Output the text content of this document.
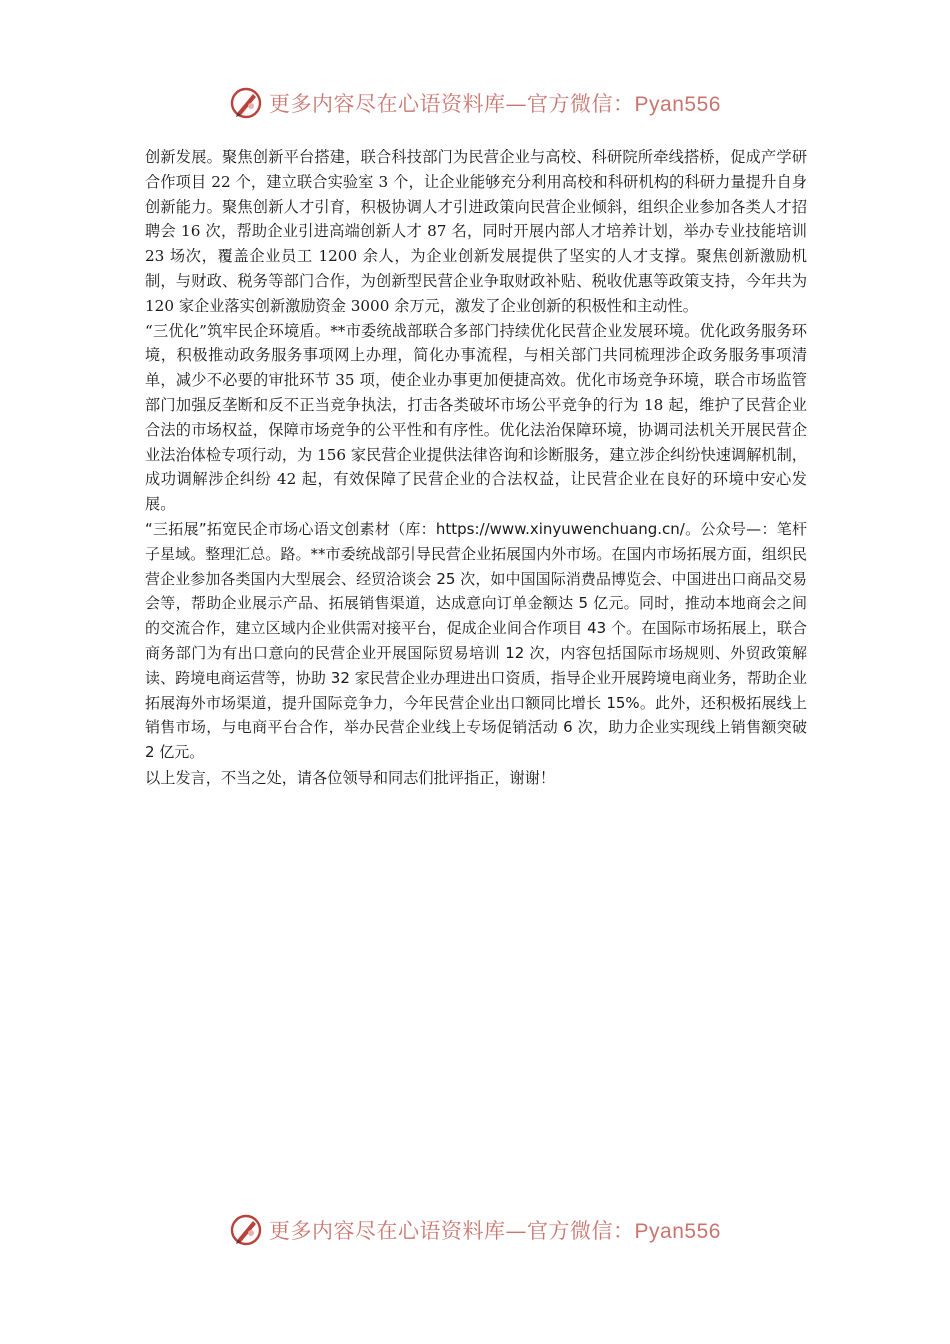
更多内容尽在心语资料库—官方微信：Pyan556

创新发展。聚焦创新平台搭建，联合科技部门为民营企业与高校、科研院所牵线搭桥，促成产学研合作项目 22 个，建立联合实验室 3 个，让企业能够充分利用高校和科研机构的科研力量提升自身创新能力。聚焦创新人才引育，积极协调人才引进政策向民营企业倾斜，组织企业参加各类人才招聘会 16 次，帮助企业引进高端创新人才 87 名，同时开展内部人才培养计划，举办专业技能培训 23 场次，覆盖企业员工 1200 余人，为企业创新发展提供了坚实的人才支撑。聚焦创新激励机制，与财政、税务等部门合作，为创新型民营企业争取财政补贴、税收优惠等政策支持，今年共为 120 家企业落实创新激励资金 3000 余万元，激发了企业创新的积极性和主动性。

“三优化”筑牢民企环境盾。**市委统战部联合多部门持续优化民营企业发展环境。优化政务服务环境，积极推动政务服务事项网上办理，简化办事流程，与相关部门共同梳理涉企政务服务事项清单，减少不必要的审批环节 35 项，使企业办事更加便捷高效。优化市场竞争环境，联合市场监管部门加强反垄断和反不正当竞争执法，打击各类破坏市场公平竞争的行为 18 起，维护了民营企业合法的市场权益，保障市场竞争的公平性和有序性。优化法治保障环境，协调司法机关开展民营企业法治体检专项行动，为 156 家民营企业提供法律咨询和诊断服务，建立涉企纠纷快速调解机制，成功调解涉企纠纷 42 起，有效保障了民营企业的合法权益，让民营企业在良好的环境中安心发展。

“三拓展”拓宽民企市场心语文创素材（库：https://www.xinyuwenchuang.cn/。公众号—：笔杆子星域。整理汇总。路。**市委统战部引导民营企业拓展国内外市场。在国内市场拓展方面，组织民营企业参加各类国内大型展会、经贸洽谈会 25 次，如中国国际消费品博览会、中国进出口商品交易会等，帮助企业展示产品、拓展销售渠道，达成意向订单金额达 5 亿元。同时，推动本地商会之间的交流合作，建立区域内企业供需对接平台，促成企业间合作项目 43 个。在国际市场拓展上，联合商务部门为有出口意向的民营企业开展国际贸易培训 12 次，内容包括国际市场规则、外贸政策解读、跨境电商运营等，协助 32 家民营企业办理进出口资质，指导企业开展跨境电商业务，帮助企业拓展海外市场渠道，提升国际竞争力，今年民营企业出口额同比增长 15%。此外，还积极拓展线上销售市场，与电商平台合作，举办民营企业线上专场促销活动 6 次，助力企业实现线上销售额突破 2 亿元。

以上发言，不当之处，请各位领导和同志们批评指正，谢谢！

更多内容尽在心语资料库—官方微信：Pyan556
